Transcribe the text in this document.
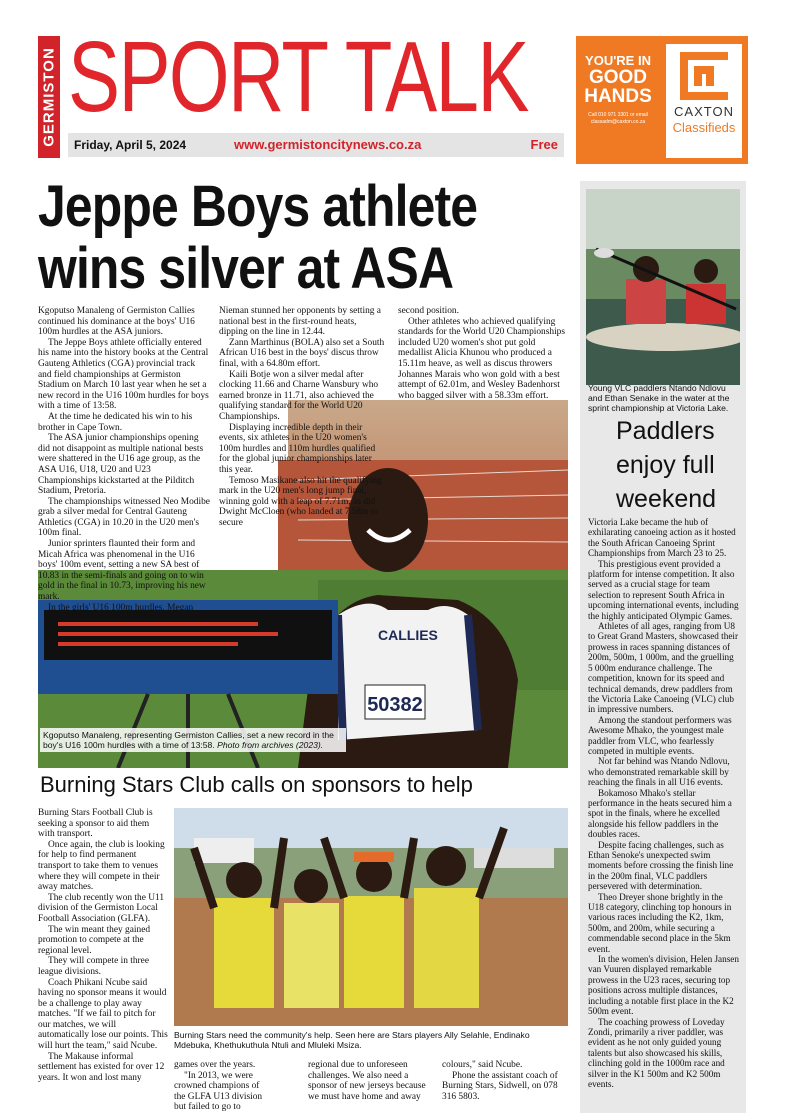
GERMISTON SPORT TALK
Friday, April 5, 2024	www.germistoncitynews.co.za	Free
YOU'RE IN
GOOD
HANDS
Call 010 971 3301 or email
classadm@caxton.co.za
CAXTON
Classifieds
Jeppe Boys athlete
wins silver at ASA
50382
CALLIES

Kgoputso Manaleng of Germiston Callies continued his dominance at the boys' U16 100m hurdles at the ASA juniors.

The Jeppe Boys athlete officially entered his name into the history books at the Central Gauteng Athletics (CGA) provincial track and field championships at Germiston Stadium on March 10 last year when he set a new record in the U16 100m hurdles for boys with a time of 13:58.

At the time he dedicated his win to his brother in Cape Town.

The ASA junior championships opening did not disappoint as multiple national bests were shattered in the U16 age group, as the ASA U16, U18, U20 and U23 Championships kickstarted at the Pilditch Stadium, Pretoria.

The championships witnessed Neo Modibe grab a silver medal for Central Gauteng Athletics (CGA) in 10.20 in the U20 men's 100m final.

Junior sprinters flaunted their form and Micah Africa was phenomenal in the U16 boys' 100m event, setting a new SA best of 10.83 in the semi-finals and going on to win gold in the final in 10.73, improving his new mark.

In the girls' U16 100m hurdles, Megan

Nieman stunned her opponents by setting a national best in the first-round heats, dipping on the line in 12.44.

Zann Marthinus (BOLA) also set a South African U16 best in the boys' discus throw final, with a 64.80m effort.

Kaili Botje won a silver medal after clocking 11.66 and Charne Wansbury who earned bronze in 11.71, also achieved the qualifying standard for the World U20 Championships.

Displaying incredible depth in their events, six athletes in the U20 women's 100m hurdles and 110m hurdles qualified for the global junior championships later this year.

Temoso Masikane also hit the qualifying mark in the U20 men's long jump final, winning gold with a leap of 7.71m, as did Dwight McCloen (who landed at 7.58m to secure

second position.

Other athletes who achieved qualifying standards for the World U20 Championships included U20 women's shot put gold medallist Alicia Khunou who produced a 15.11m heave, as well as discus throwers Johannes Marais who won gold with a best attempt of 62.01m, and Wesley Badenhorst who bagged silver with a 58.33m effort.

Kgoputso Manaleng, representing Germiston Callies, set a new record in the boy's U16 100m hurdles with a time of 13:58. Photo from archives (2023).
Burning Stars Club calls on sponsors to help

Burning Stars Football Club is seeking a sponsor to aid them with transport.

Once again, the club is looking for help to find permanent transport to take them to venues where they will compete in their away matches.

The club recently won the U11 division of the Germiston Local Football Association (GLFA).

The win meant they gained promotion to compete at the regional level.

They will compete in three league divisions.

Coach Phikani Ncube said having no sponsor means it would be a challenge to play away matches. "If we fail to pitch for our matches, we will automatically lose our points. This will hurt the team," said Ncube.

The Makause informal settlement has existed for over 12 years. It won and lost many

Burning Stars need the community's help. Seen here are Stars players Ally Selahle, Endinako Mdebuka, Khethukuthula Ntuli and Mluleki Msiza.

games over the years.

"In 2013, we were crowned champions of the GLFA U13 division but failed to go to

regional due to unforeseen challenges. We also need a sponsor of new jerseys because we must have home and away

colours," said Ncube.

Phone the assistant coach of Burning Stars, Sidwell, on 078 316 5803.

Young VLC paddlers Ntando Ndlovu and Ethan Senake in the water at the sprint championship at Victoria Lake.
Paddlers
enjoy full
weekend

Victoria Lake became the hub of exhilarating canoeing action as it hosted the South African Canoeing Sprint Championships from March 23 to 25.

This prestigious event provided a platform for intense competition. It also served as a crucial stage for team selection to represent South Africa in upcoming international events, including the highly anticipated Olympic Games.

Athletes of all ages, ranging from U8 to Great Grand Masters, showcased their prowess in races spanning distances of 200m, 500m, 1 000m, and the gruelling 5 000m endurance challenge. The competition, known for its speed and technical demands, drew paddlers from the Victoria Lake Canoeing (VLC) club in impressive numbers.

Among the standout performers was Awesome Mhako, the youngest male paddler from VLC, who fearlessly competed in multiple events.

Not far behind was Ntando Ndlovu, who demonstrated remarkable skill by reaching the finals in all U16 events.

Bokamoso Mhako's stellar performance in the heats secured him a spot in the finals, where he excelled alongside his fellow paddlers in the doubles races.

Despite facing challenges, such as Ethan Senoke's unexpected swim moments before crossing the finish line in the 200m final, VLC paddlers persevered with determination.

Theo Dreyer shone brightly in the U18 category, clinching top honours in various races including the K2, 1km, 500m, and 200m, while securing a commendable second place in the 5km event.

In the women's division, Helen Jansen van Vuuren displayed remarkable prowess in the U23 races, securing top positions across multiple distances, including a notable first place in the K2 500m event.

The coaching prowess of Loveday Zondi, primarily a river paddler, was evident as he not only guided young talents but also showcased his skills, clinching gold in the 1000m race and silver in the K1 500m and K2 500m events.
